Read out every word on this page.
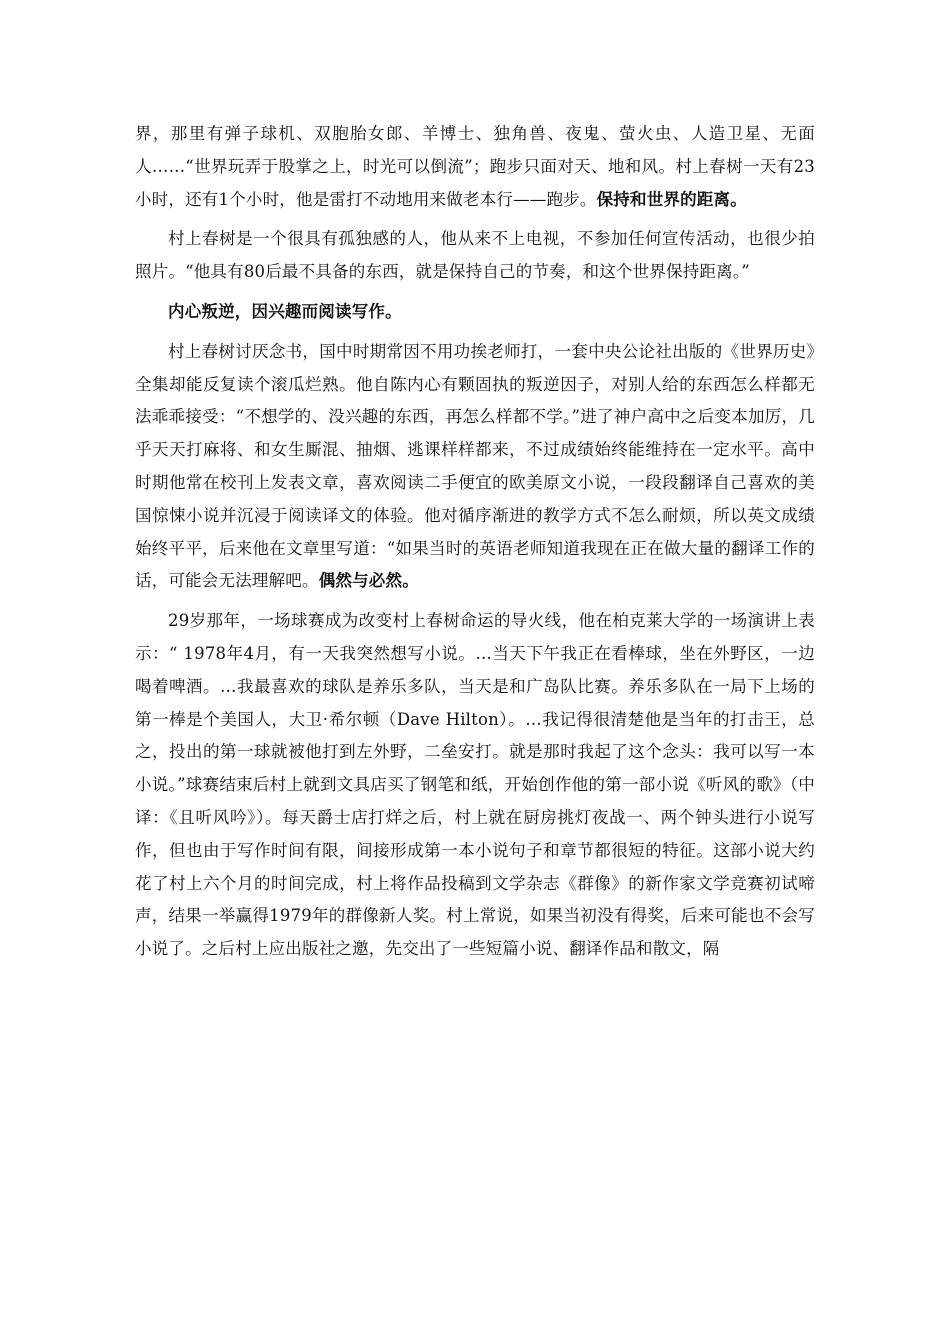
界，那里有弹子球机、双胞胎女郎、羊博士、独角兽、夜鬼、萤火虫、人造卫星、无面人……“世界玩弄于股掌之上，时光可以倒流”；跑步只面对天、地和风。村上春树一天有23小时，还有1个小时，他是雷打不动地用来做老本行——跑步。保持和世界的距离。

村上春树是一个很具有孤独感的人，他从来不上电视，不参加任何宣传活动，也很少拍照片。“他具有80后最不具备的东西，就是保持自己的节奏，和这个世界保持距离。”

内心叛逆，因兴趣而阅读写作。

村上春树讨厌念书，国中时期常因不用功挨老师打，一套中央公论社出版的《世界历史》全集却能反复读个滚瓜烂熟。他自陈内心有颗固执的叛逆因子，对别人给的东西怎么样都无法乖乖接受：“不想学的、没兴趣的东西，再怎么样都不学。”进了神户高中之后变本加厉，几乎天天打麻将、和女生厮混、抽烟、逃课样样都来，不过成绩始终能维持在一定水平。高中时期他常在校刊上发表文章，喜欢阅读二手便宜的欧美原文小说，一段段翻译自己喜欢的美国惊悚小说并沉浸于阅读译文的体验。他对循序渐进的教学方式不怎么耐烦，所以英文成绩始终平平，后来他在文章里写道：“如果当时的英语老师知道我现在正在做大量的翻译工作的话，可能会无法理解吧。偶然与必然。

29岁那年，一场球赛成为改变村上春树命运的导火线，他在柏克莱大学的一场演讲上表示：“ 1978年4月，有一天我突然想写小说。…当天下午我正在看棒球，坐在外野区，一边喝着啤酒。…我最喜欢的球队是养乐多队，当天是和广岛队比赛。养乐多队在一局下上场的第一棒是个美国人，大卫·希尔顿（Dave Hilton）。…我记得很清楚他是当年的打击王，总之，投出的第一球就被他打到左外野，二垒安打。就是那时我起了这个念头：我可以写一本小说。”球赛结束后村上就到文具店买了钢笔和纸，开始创作他的第一部小说《听风的歌》（中译：《且听风吟》）。每天爵士店打烊之后，村上就在厨房挑灯夜战一、两个钟头进行小说写作，但也由于写作时间有限，间接形成第一本小说句子和章节都很短的特征。这部小说大约花了村上六个月的时间完成，村上将作品投稿到文学杂志《群像》的新作家文学竞赛初试啼声，结果一举赢得1979年的群像新人奖。村上常说，如果当初没有得奖，后来可能也不会写小说了。之后村上应出版社之邀，先交出了一些短篇小说、翻译作品和散文，隔
